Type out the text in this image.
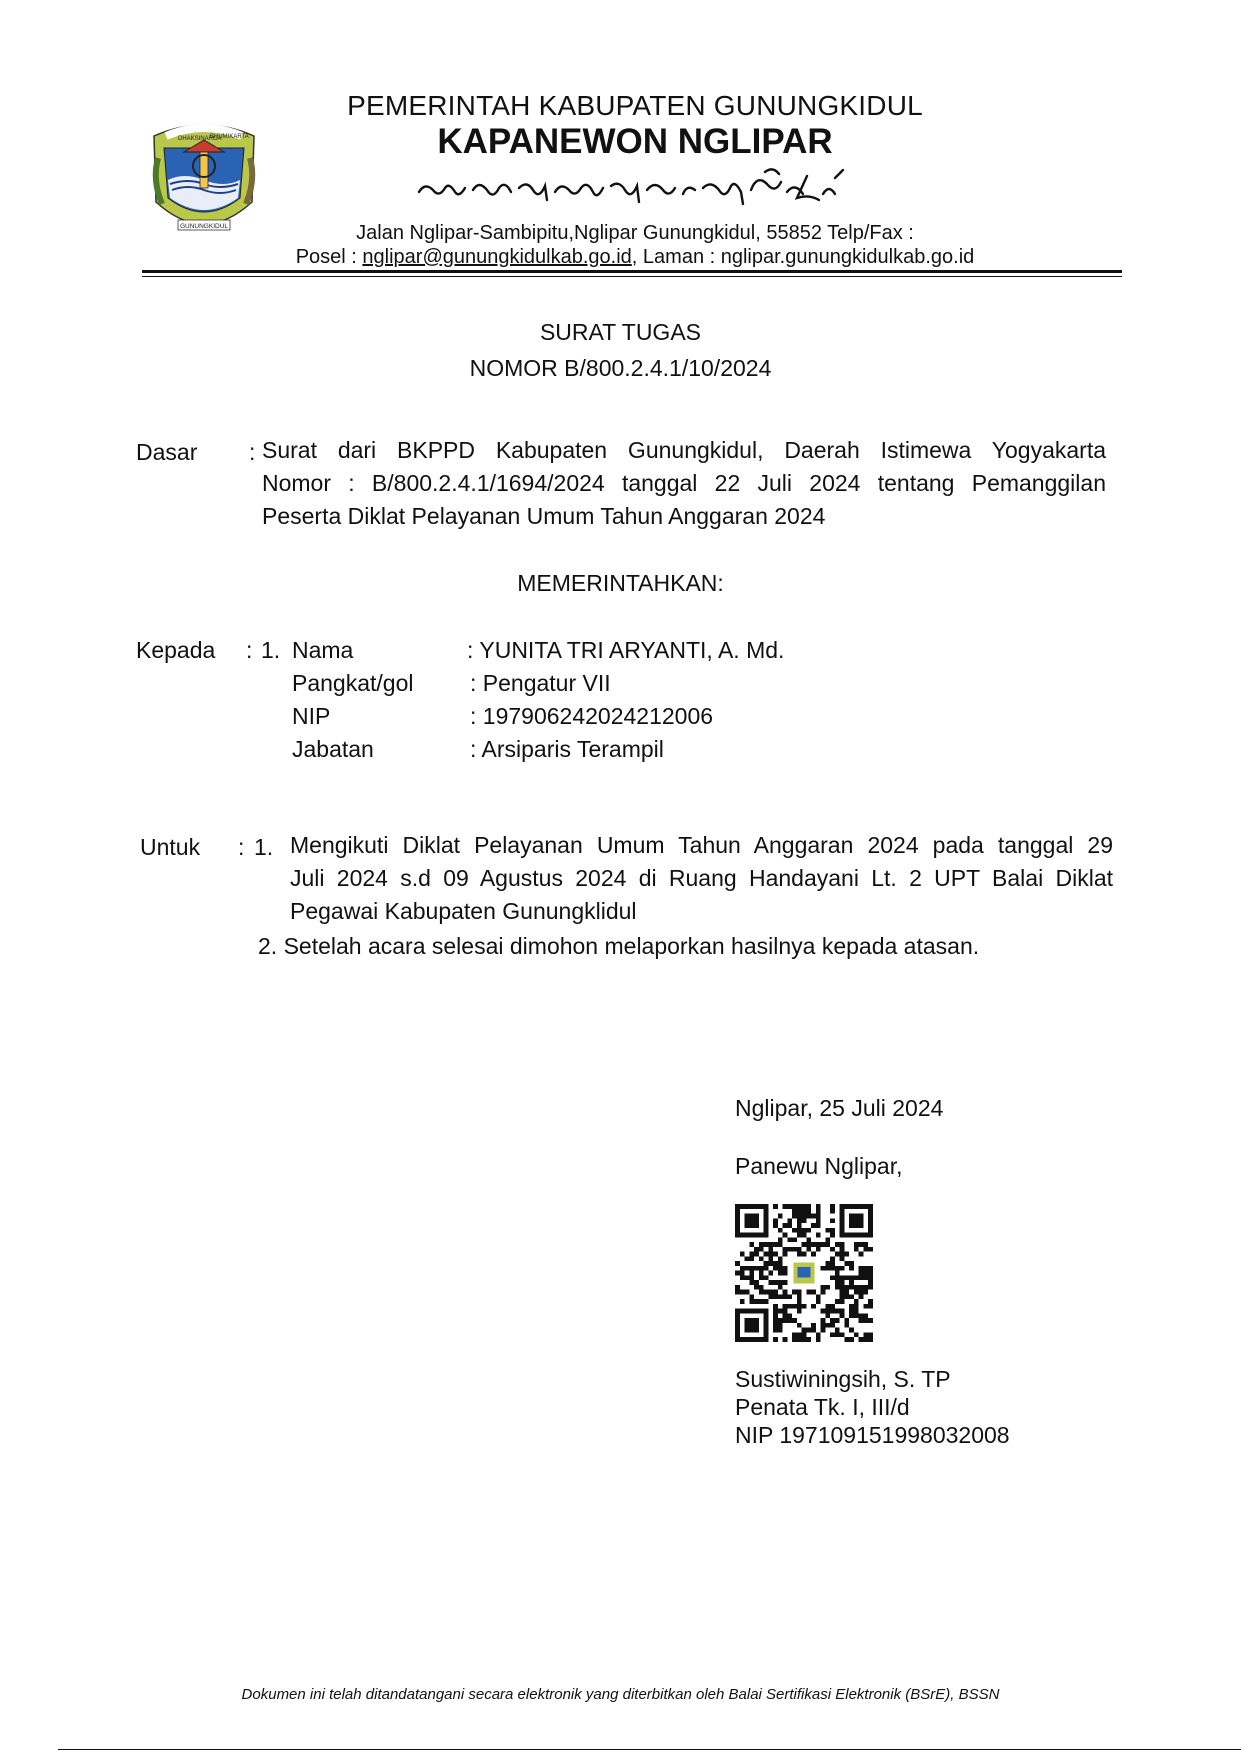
DHAKSINARGA
BHUMIKARTA
GUNUNGKIDUL
PEMERINTAH KABUPATEN GUNUNGKIDUL
KAPANEWON NGLIPAR
Jalan Nglipar-Sambipitu,Nglipar Gunungkidul, 55852 Telp/Fax :
Posel : nglipar@gunungkidulkab.go.id, Laman : nglipar.gunungkidulkab.go.id
SURAT TUGAS
NOMOR B/800.2.4.1/10/2024
Dasar : Surat dari BKPPD Kabupaten Gunungkidul, Daerah Istimewa Yogyakarta
Nomor : B/800.2.4.1/1694/2024 tanggal 22 Juli 2024 tentang Pemanggilan
Peserta Diklat Pelayanan Umum Tahun Anggaran 2024
MEMERINTAHKAN:
Kepada : 1. Nama	: YUNITA TRI ARYANTI, A. Md.
Pangkat/gol : Pengatur VII
NIP	: 197906242024212006
Jabatan	: Arsiparis Terampil
Untuk : 1. Mengikuti Diklat Pelayanan Umum Tahun Anggaran 2024 pada tanggal 29
Juli 2024 s.d 09 Agustus 2024 di Ruang Handayani Lt. 2 UPT Balai Diklat
Pegawai Kabupaten Gunungklidul
2. Setelah acara selesai dimohon melaporkan hasilnya kepada atasan.
Nglipar, 25 Juli 2024
Panewu Nglipar,
Sustiwiningsih, S. TP
Penata Tk. I, III/d
NIP 197109151998032008
Dokumen ini telah ditandatangani secara elektronik yang diterbitkan oleh Balai Sertifikasi Elektronik (BSrE), BSSN
